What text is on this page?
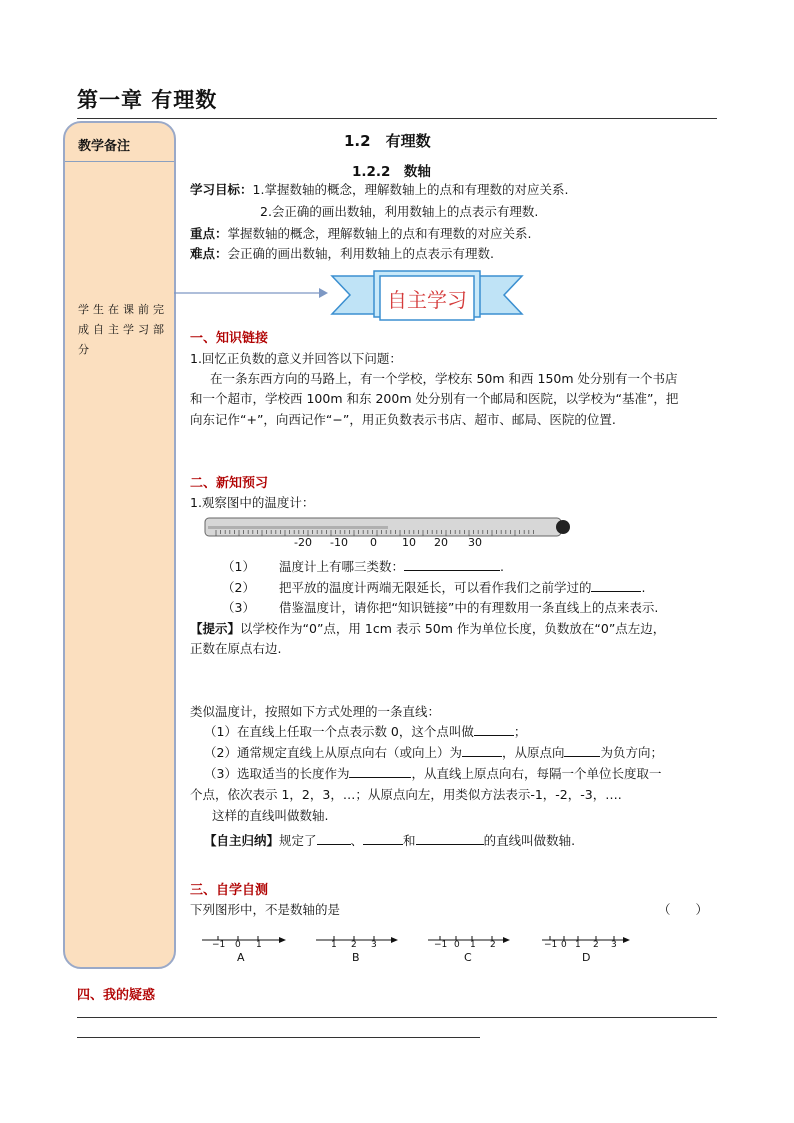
第一章 有理数
教学备注
学生在课前完成自主学习部分
1.2　有理数
1.2.2　数轴
学习目标：1.掌握数轴的概念，理解数轴上的点和有理数的对应关系.
2.会正确的画出数轴，利用数轴上的点表示有理数.
重点：掌握数轴的概念，理解数轴上的点和有理数的对应关系.
难点：会正确的画出数轴，利用数轴上的点表示有理数.
自主学习
一、知识链接
1.回忆正负数的意义并回答以下问题：
在一条东西方向的马路上，有一个学校，学校东 50m 和西 150m 处分别有一个书店
和一个超市，学校西 100m 和东 200m 处分别有一个邮局和医院，以学校为“基准”，把
向东记作“+”，向西记作“−”，用正负数表示书店、超市、邮局、医院的位置.
二、新知预习
1.观察图中的温度计：
-20 -10 0 10 20 30
（1） 温度计上有哪三类数：	.
（2） 把平放的温度计两端无限延长，可以看作我们之前学过的	.
（3） 借鉴温度计，请你把“知识链接”中的有理数用一条直线上的点来表示.
【提示】以学校作为“0”点，用 1cm 表示 50m 作为单位长度，负数放在“0”点左边，
正数在原点右边.
类似温度计，按照如下方式处理的一条直线：
（1）在直线上任取一个点表示数 0，这个点叫做	；
（2）通常规定直线上从原点向右（或向上）为	，从原点向	为负方向；
（3）选取适当的长度作为	，从直线上原点向右，每隔一个单位长度取一
个点，依次表示 1，2，3，…；从原点向左，用类似方法表示-1，-2，-3，….
这样的直线叫做数轴.
【自主归纳】规定了	、	和	的直线叫做数轴.
三、自学自测
下列图形中，不是数轴的是	（　　）
−1 0 1
A
1 2 3
B
−1 0 1 2
C
−1 0 1 2 3
D
四、我的疑惑
